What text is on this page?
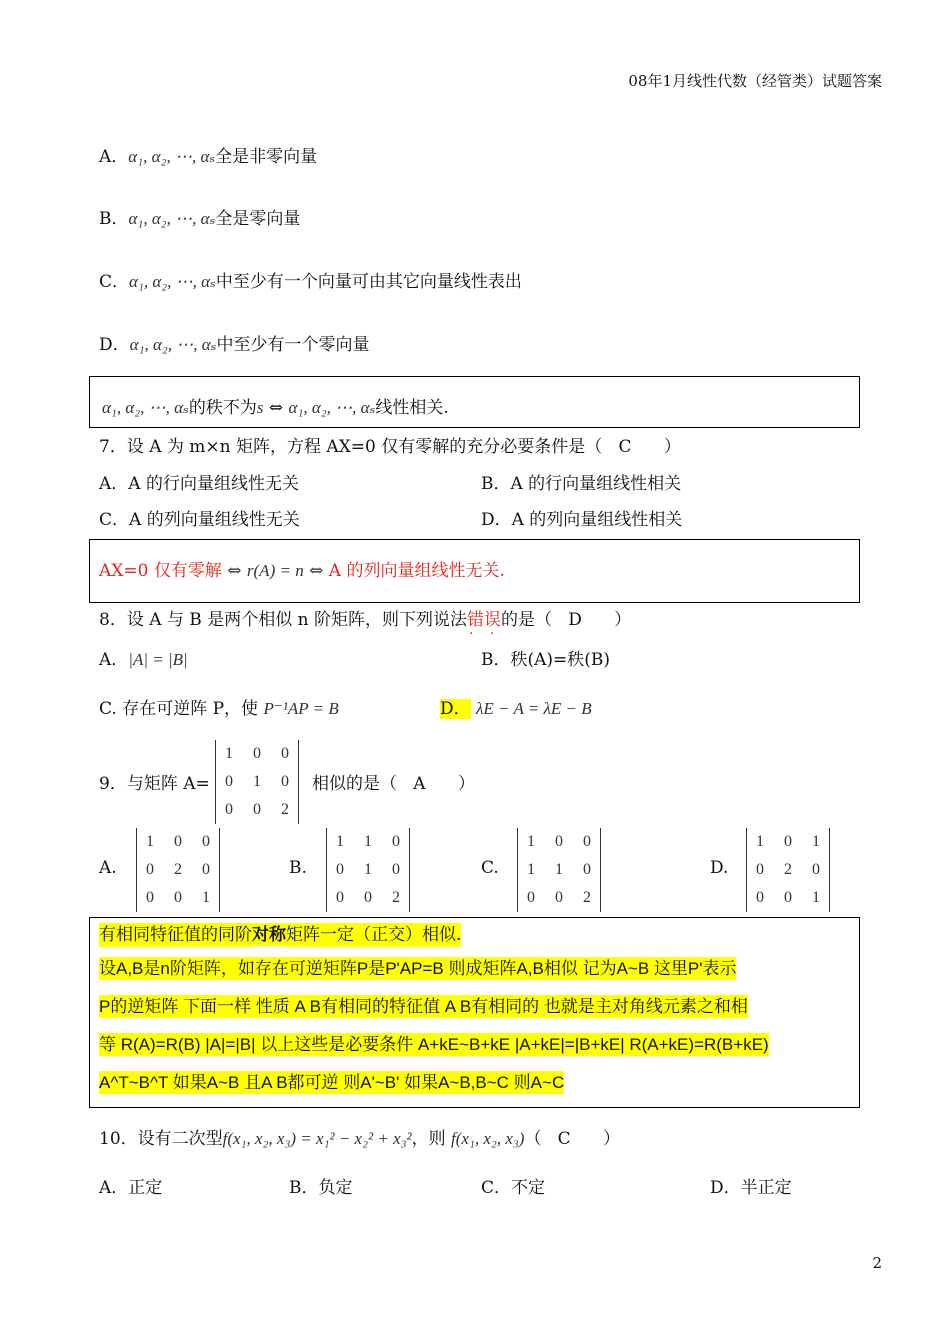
08年1月线性代数（经管类）试题答案
A．α₁, α₂, ⋯, αₛ全是非零向量
B．α₁, α₂, ⋯, αₛ全是零向量
C．α₁, α₂, ⋯, αₛ中至少有一个向量可由其它向量线性表出
D．α₁, α₂, ⋯, αₛ中至少有一个零向量
α₁, α₂, ⋯, αₛ的秩不为s ⇔ α₁, α₂, ⋯, αₛ线性相关.
7．设 A 为 m×n 矩阵，方程 AX=0 仅有零解的充分必要条件是（ C ）
A．A 的行向量组线性无关	B．A 的行向量组线性相关
C．A 的列向量组线性无关	D．A 的列向量组线性相关
AX=0 仅有零解 ⇔ r(A) = n ⇔ A 的列向量组线性无关.
8．设 A 与 B 是两个相似 n 阶矩阵，则下列说法错误 · ·的是（ D ）
A．|A| = |B|	B．秩(A)=秩(B)
C. 存在可逆阵 P，使 P⁻¹AP = B	D． λE − A = λE − B
9．与矩阵 A=
1	0	0
0	1	0
0	0	2
相似的是（ A ）
A.
1	0	0
0	2	0
0	0	1
B.
1	1	0
0	1	0
0	0	2
C.
1	0	0
1	1	0
0	0	2
D.
1	0	1
0	2	0
0	0	1
有相同特征值的同阶对称矩阵一定（正交）相似.
设A,B是n阶矩阵，如存在可逆矩阵P是P'AP=B 则成矩阵A,B相似 记为A~B 这里P'表示
P的逆矩阵 下面一样 性质 A B有相同的特征值 A B有相同的 也就是主对角线元素之和相
等 R(A)=R(B) |A|=|B| 以上这些是必要条件 A+kE~B+kE |A+kE|=|B+kE| R(A+kE)=R(B+kE)
A^T~B^T 如果A~B 且A B都可逆 则A'~B' 如果A~B,B~C 则A~C
10．设有二次型f(x₁, x₂, x₃) = x₁² − x₂² + x₃²，则 f(x₁, x₂, x₃)（ C ）
A．正定	B．负定	C．不定	D．半正定
2
